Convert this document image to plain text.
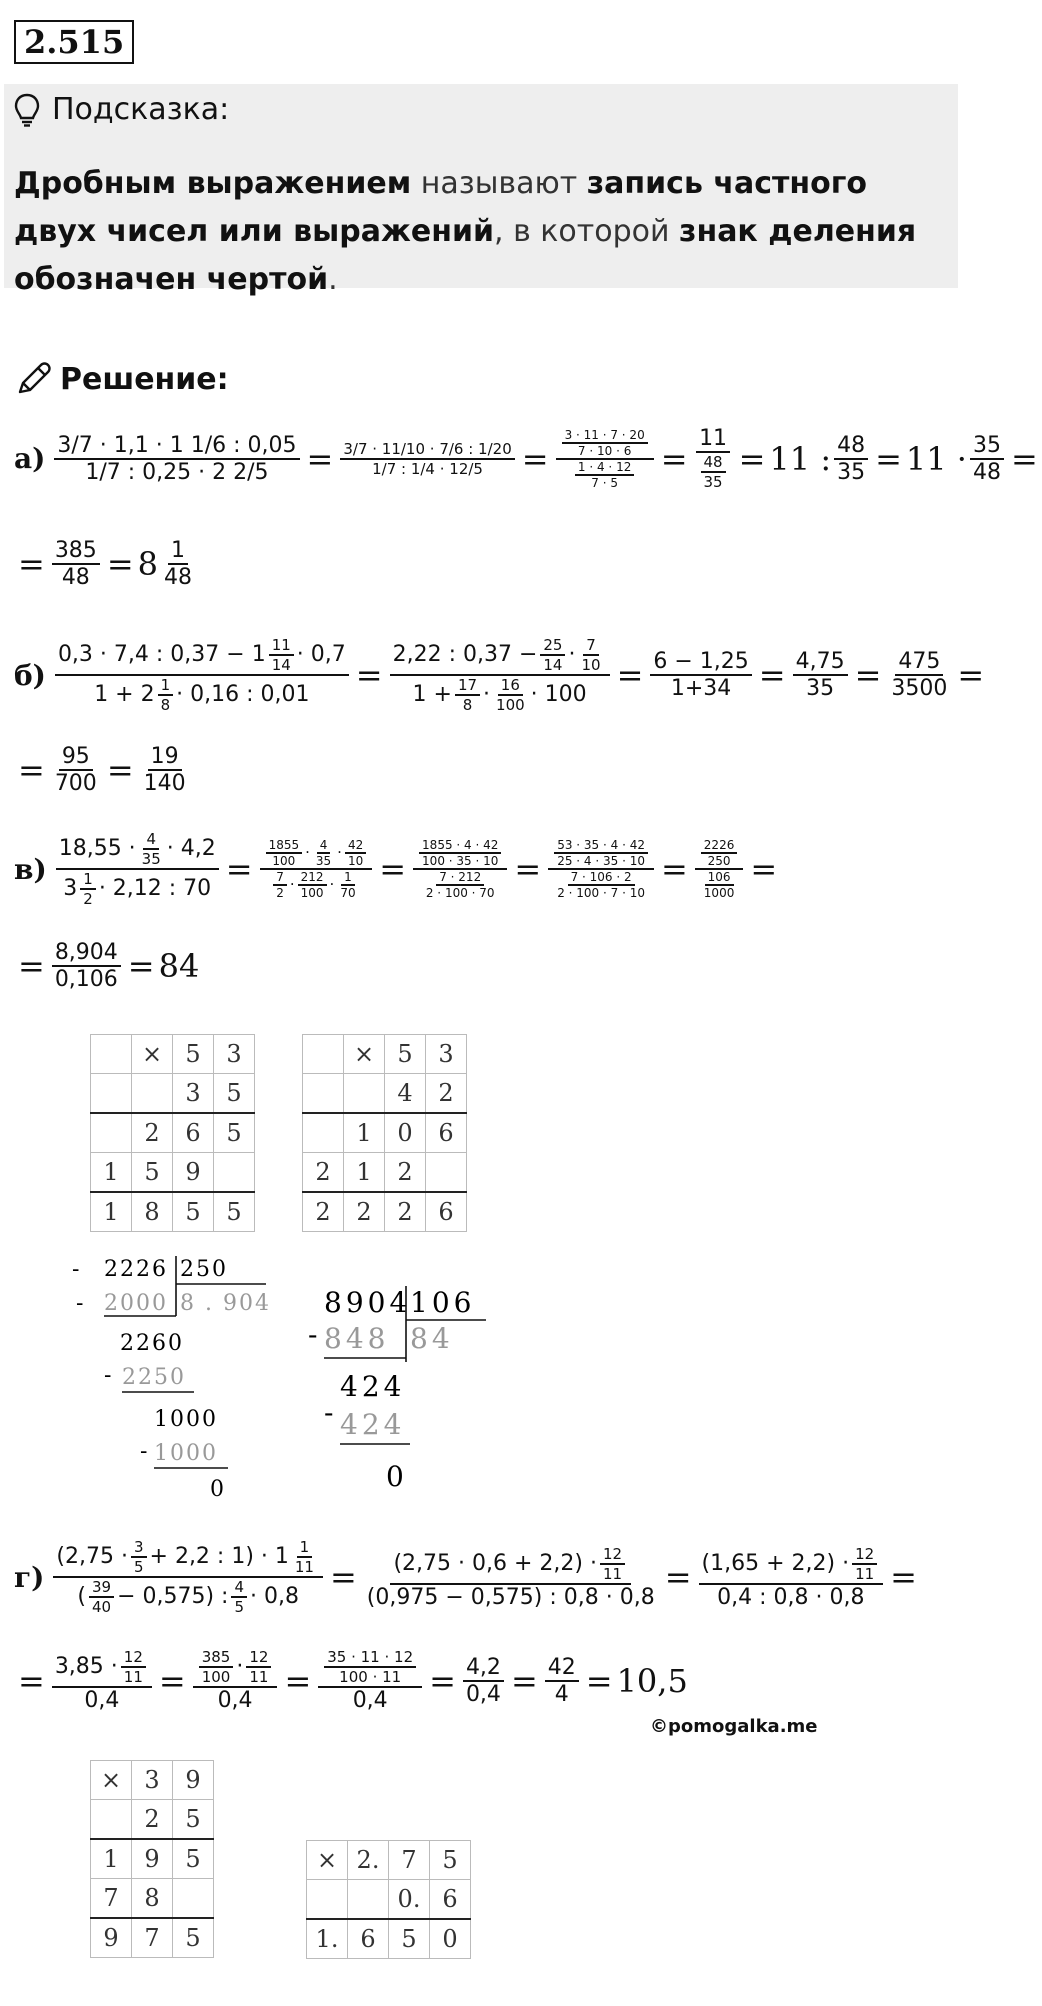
2.515
Подсказка:
Дробным выражением называют запись частного двух чисел или выражений, в которой знак деления обозначен чертой.
Решение:
$а) \frac{3/7 \cdot 1,1 \cdot 1 1/6 : 0,05}{1/7 : 0,25 \cdot 2 2/5} = \frac{3/7 \cdot 11/10 \cdot 7/6 : 1/20}{1/7 : 1/4 \cdot 12/5} = \frac{\frac{3 \cdot 11 \cdot 7 \cdot 20}{7 \cdot 10 \cdot 6}}{\frac{1 \cdot 4 \cdot 12}{7 \cdot 5}} = \frac{11}{\frac{48}{35}} = 11$ : $\frac{48}{35} = 11 \cdot \frac{35}{48}$ =
= $\frac{385}{48} = 8 \frac{1}{48}$
$б) \frac{0,3 \cdot 7,4 : 0,37 - 1 \frac{11}{14} \cdot 0,7}{1 + 2 \frac{1}{8} \cdot 0,16 : 0,01} = \frac{2,22 : 0,37 - \frac{25}{14} \cdot \frac{7}{10}}{1 + \frac{17}{8} \cdot \frac{16}{100} \cdot 100} = \frac{6 - 1,25}{1+34} = \frac{4,75}{35} = \frac{475}{3500}$ =
= $\frac{95}{700} = \frac{19}{140}$
$в) \frac{18,55 \cdot \frac{4}{35} \cdot 4,2}{3 \frac{1}{2} \cdot 2,12 : 70} = \frac{\frac{1855}{100} \cdot \frac{4}{35} \cdot \frac{42}{10}}{\frac{7}{2} \cdot \frac{212}{100} \cdot \frac{1}{70}} = \frac{\frac{1855 \cdot 4 \cdot 42}{100 \cdot 35 \cdot 10}}{\frac{7 \cdot 212}{2 \cdot 100 \cdot 70}} = \frac{\frac{53 \cdot 35 \cdot 4 \cdot 42}{25 \cdot 4 \cdot 35 \cdot 10}}{\frac{7 \cdot 106 \cdot 2}{2 \cdot 100 \cdot 7 \cdot 10}} = \frac{\frac{2226}{250}}{\frac{106}{1000}}$ =
= $\frac{8,904}{0,106} = 84$
	×	5	3
		3	5
	2	6	5
1	5	9	
1	8	5	5
	×	5	3
		4	2
	1	0	6
2	1	2	
2	2	2	6
- 2226 250
- 2000 8 . 904
2260
- 2250
1000
- 1000
0
8904
106
- 848 84
424
- 424
0
$г) \frac{(2,75 \cdot \frac{3}{5} + 2,2 : 1) \cdot 1 \frac{1}{11}}{( \frac{39}{40} - 0,575) : \frac{4}{5} \cdot 0,8} = \frac{(2,75 \cdot 0,6 + 2,2) \cdot \frac{12}{11}}{(0,975 - 0,575) : 0,8 \cdot 0,8} = \frac{(1,65 + 2,2) \cdot \frac{12}{11}}{0,4 : 0,8 \cdot 0,8}$ =
= $\frac{3,85 \cdot \frac{12}{11}}{0,4} = \frac{\frac{385}{100} \cdot \frac{12}{11}}{0,4} = \frac{\frac{35 \cdot 11 \cdot 12}{100 \cdot 11}}{0,4} = \frac{4,2}{0,4} = \frac{42}{4} = 10,5$
©pomogalka.me
×	3	9
	2	5
1	9	5
7	8	
9	7	5
×	2.	7	5
		0.	6
1.	6	5	0
